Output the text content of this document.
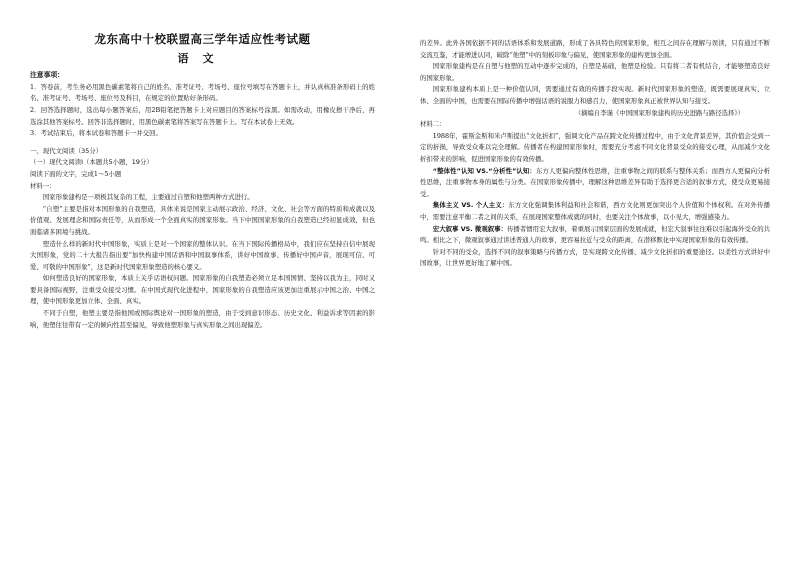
龙东高中十校联盟高三学年适应性考试题
语文
注意事项：

1．答卷前，考生务必用黑色碳素笔将自己的姓名、准考证号、考场号、座位号填写在答题卡上，并认真核准条形码上的姓名、准考证号、考场号、座位号及科目，在规定的位置贴好条形码。

2．回答选择题时，选出每小题答案后，用2B铅笔把答题卡上对应题目的答案标号涂黑。如需改动，用橡皮擦干净后，再选涂其他答案标号。回答非选择题时，用黑色碳素笔将答案写在答题卡上。写在本试卷上无效。

3．考试结束后，将本试卷和答题卡一并交回。

一、现代文阅读（35分）
（一）现代文阅读Ⅰ（本题共5小题，19分）
阅读下面的文字，完成1～5小题
材料一：

国家形象建构是一项极其复杂的工程，主要通过自塑和他塑两种方式进行。

“自塑”主要是指对本国形象的自我塑造，具体来说是国家主动展示政治、经济、文化、社会等方面的特质和成就以及价值观、发展理念和国际责任等，从而形成一个全面真实的国家形象。当下中国国家形象的自我塑造已经初显成效，但也面临诸多困境与挑战。

塑造什么样的新时代中国形象，实质上是对一个国家的整体认识。在当下国际传播格局中，我们应在坚持自信中展现大国形象，党的二十大报告指出要“加快构建中国话语和中国叙事体系，讲好中国故事、传播好中国声音，展现可信、可爱、可敬的中国形象”，这是新时代国家形象塑造的核心要义。

如何塑造良好的国家形象，本质上关乎话语权问题。国家形象的自我塑造必须立足本国国情、坚持以我为主，同时又要具备国际视野，注重受众接受习惯。在中国式现代化进程中，国家形象的自我塑造应该更加注重展示中国之治、中国之理，使中国形象更加立体、全面、真实。

不同于自塑，他塑主要是指他国或国际舆论对一国形象的塑造，由于受到意识形态、历史文化、利益诉求等因素的影响，他塑往往带有一定的倾向性甚至偏见，导致他塑形象与真实形象之间出现偏差。

的差异。此外各国依据不同的话语体系和发展道路，形成了各具特色的国家形象，相互之间存在理解与误读，只有通过不断交流互鉴，才能增进认同，破除“他塑”中的刻板印象与偏见，使国家形象的建构更加全面。

国家形象建构是在自塑与他塑的互动中逐步完成的，自塑是基础，他塑是检验。只有将二者有机结合，才能够塑造良好的国家形象。

国家形象建构本质上是一种价值认同，需要通过有效的传播手段实现。新时代国家形象的塑造，既需要展现真实、立体、全面的中国，也需要在国际传播中增强话语的说服力和感召力，使国家形象真正被世界认知与接受。

（摘编自李谨《中国国家形象建构的历史进路与路径选择》）
材料二：

1988年，霍斯金斯和米卢斯提出“文化折扣”，强调文化产品在跨文化传播过程中，由于文化背景差异，其价值会受到一定的折损，导致受众难以完全理解。传播者在构建国家形象时，需要充分考虑不同文化背景受众的接受心理，从而减少文化折扣带来的影响，促进国家形象的有效传播。

“整体性”认知 VS.“分析性”认知：东方人更偏向整体性思维，注重事物之间的联系与整体关系；而西方人更偏向分析性思维，注重事物本身的属性与分类。在国家形象传播中，理解这种思维差异有助于选择更合适的叙事方式，使受众更易接受。

集体主义 VS. 个人主义：东方文化强调集体利益和社会和谐，西方文化则更加突出个人价值和个体权利。在对外传播中，需要注意平衡二者之间的关系，在展现国家整体成就的同时，也要关注个体故事，以小见大，增强感染力。

宏大叙事 VS. 微观叙事：传播者惯用宏大叙事，着重展示国家层面的发展成就，但宏大叙事往往难以引起海外受众的共鸣。相比之下，微观叙事通过讲述普通人的故事，更容易拉近与受众的距离，在潜移默化中实现国家形象的有效传播。

针对不同的受众，选择不同的叙事策略与传播方式，是实现跨文化传播、减少文化折扣的重要途径。以柔性方式讲好中国故事，让世界更好地了解中国。
